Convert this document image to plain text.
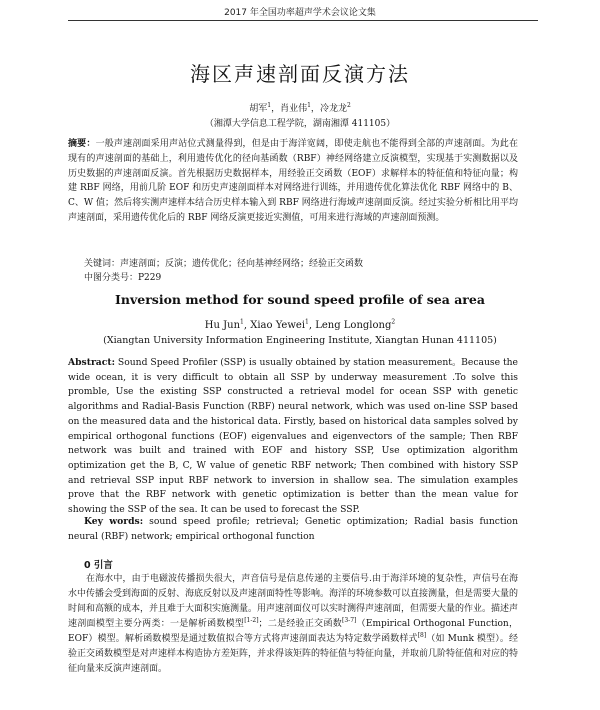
2017 年全国功率超声学术会议论文集
海区声速剖面反演方法
胡军$^1$，肖业伟$^1$，冷龙龙$^2$
（湘潭大学信息工程学院，湖南湘潭 411105）

摘要：一般声速剖面采用声站位式测量得到，但是由于海洋宽阔，即使走航也不能得到全部的声速剖面。为此在现有的声速剖面的基础上，利用遗传优化的径向基函数（RBF）神经网络建立反演模型，实现基于实测数据以及历史数据的声速剖面反演。首先根据历史数据样本，用经验正交函数（EOF）求解样本的特征值和特征向量；构建 RBF 网络，用前几阶 EOF 和历史声速剖面样本对网络进行训练，并用遗传优化算法优化 RBF 网络中的 B、C、W 值；然后将实测声速样本结合历史样本输入到 RBF 网络进行海域声速剖面反演。经过实验分析相比用平均声速剖面，采用遗传优化后的 RBF 网络反演更接近实测值，可用来进行海域的声速剖面预测。

关键词：声速剖面；反演；遗传优化；径向基神经网络；经验正交函数

中图分类号：P229

Inversion method for sound speed profile of sea area
Hu Jun$^1$, Xiao Yewei$^1$, Leng Longlong$^2$
(Xiangtan University Information Engineering Institute, Xiangtan Hunan 411105)

Abstract: Sound Speed Profiler (SSP) is usually obtained by station measurement。Because the wide ocean, it is very difficult to obtain all SSP by underway measurement .To solve this promble, Use the existing SSP constructed a retrieval model for ocean SSP with genetic algorithms and Radial-Basis Function (RBF) neural network, which was used on-line SSP based on the measured data and the historical data. Firstly, based on historical data samples solved by empirical orthogonal functions (EOF) eigenvalues and eigenvectors of the sample; Then RBF network was built and trained with EOF and history SSP, Use optimization algorithm optimization get the B, C, W value of genetic RBF network; Then combined with history SSP and retrieval SSP input RBF network to inversion in shallow sea. The simulation examples prove that the RBF network with genetic optimization is better than the mean value for showing the SSP of the sea. It can be used to forecast the SSP.

Key words: sound speed profile; retrieval; Genetic optimization; Radial basis function neural (RBF) network; empirical orthogonal function

0 引言

在海水中，由于电磁波传播损失很大，声音信号是信息传递的主要信号.由于海洋环境的复杂性，声信号在海水中传播会受到海面的反射、海底反射以及声速剖面特性等影响。海洋的环境参数可以直接测量，但是需要大量的时间和高额的成本，并且难于大面积实施测量。用声速剖面仪可以实时测得声速剖面，但需要大量的作业。描述声速剖面模型主要分两类：一是解析函数模型[1-2]；二是经验正交函数[3-7]（Empirical Orthogonal Function，EOF）模型。解析函数模型是通过数值拟合等方式将声速剖面表达为特定数学函数样式[8]（如 Munk 模型）。经验正交函数模型是对声速样本构造协方差矩阵，并求得该矩阵的特征值与特征向量，并取前几阶特征值和对应的特征向量来反演声速剖面。
